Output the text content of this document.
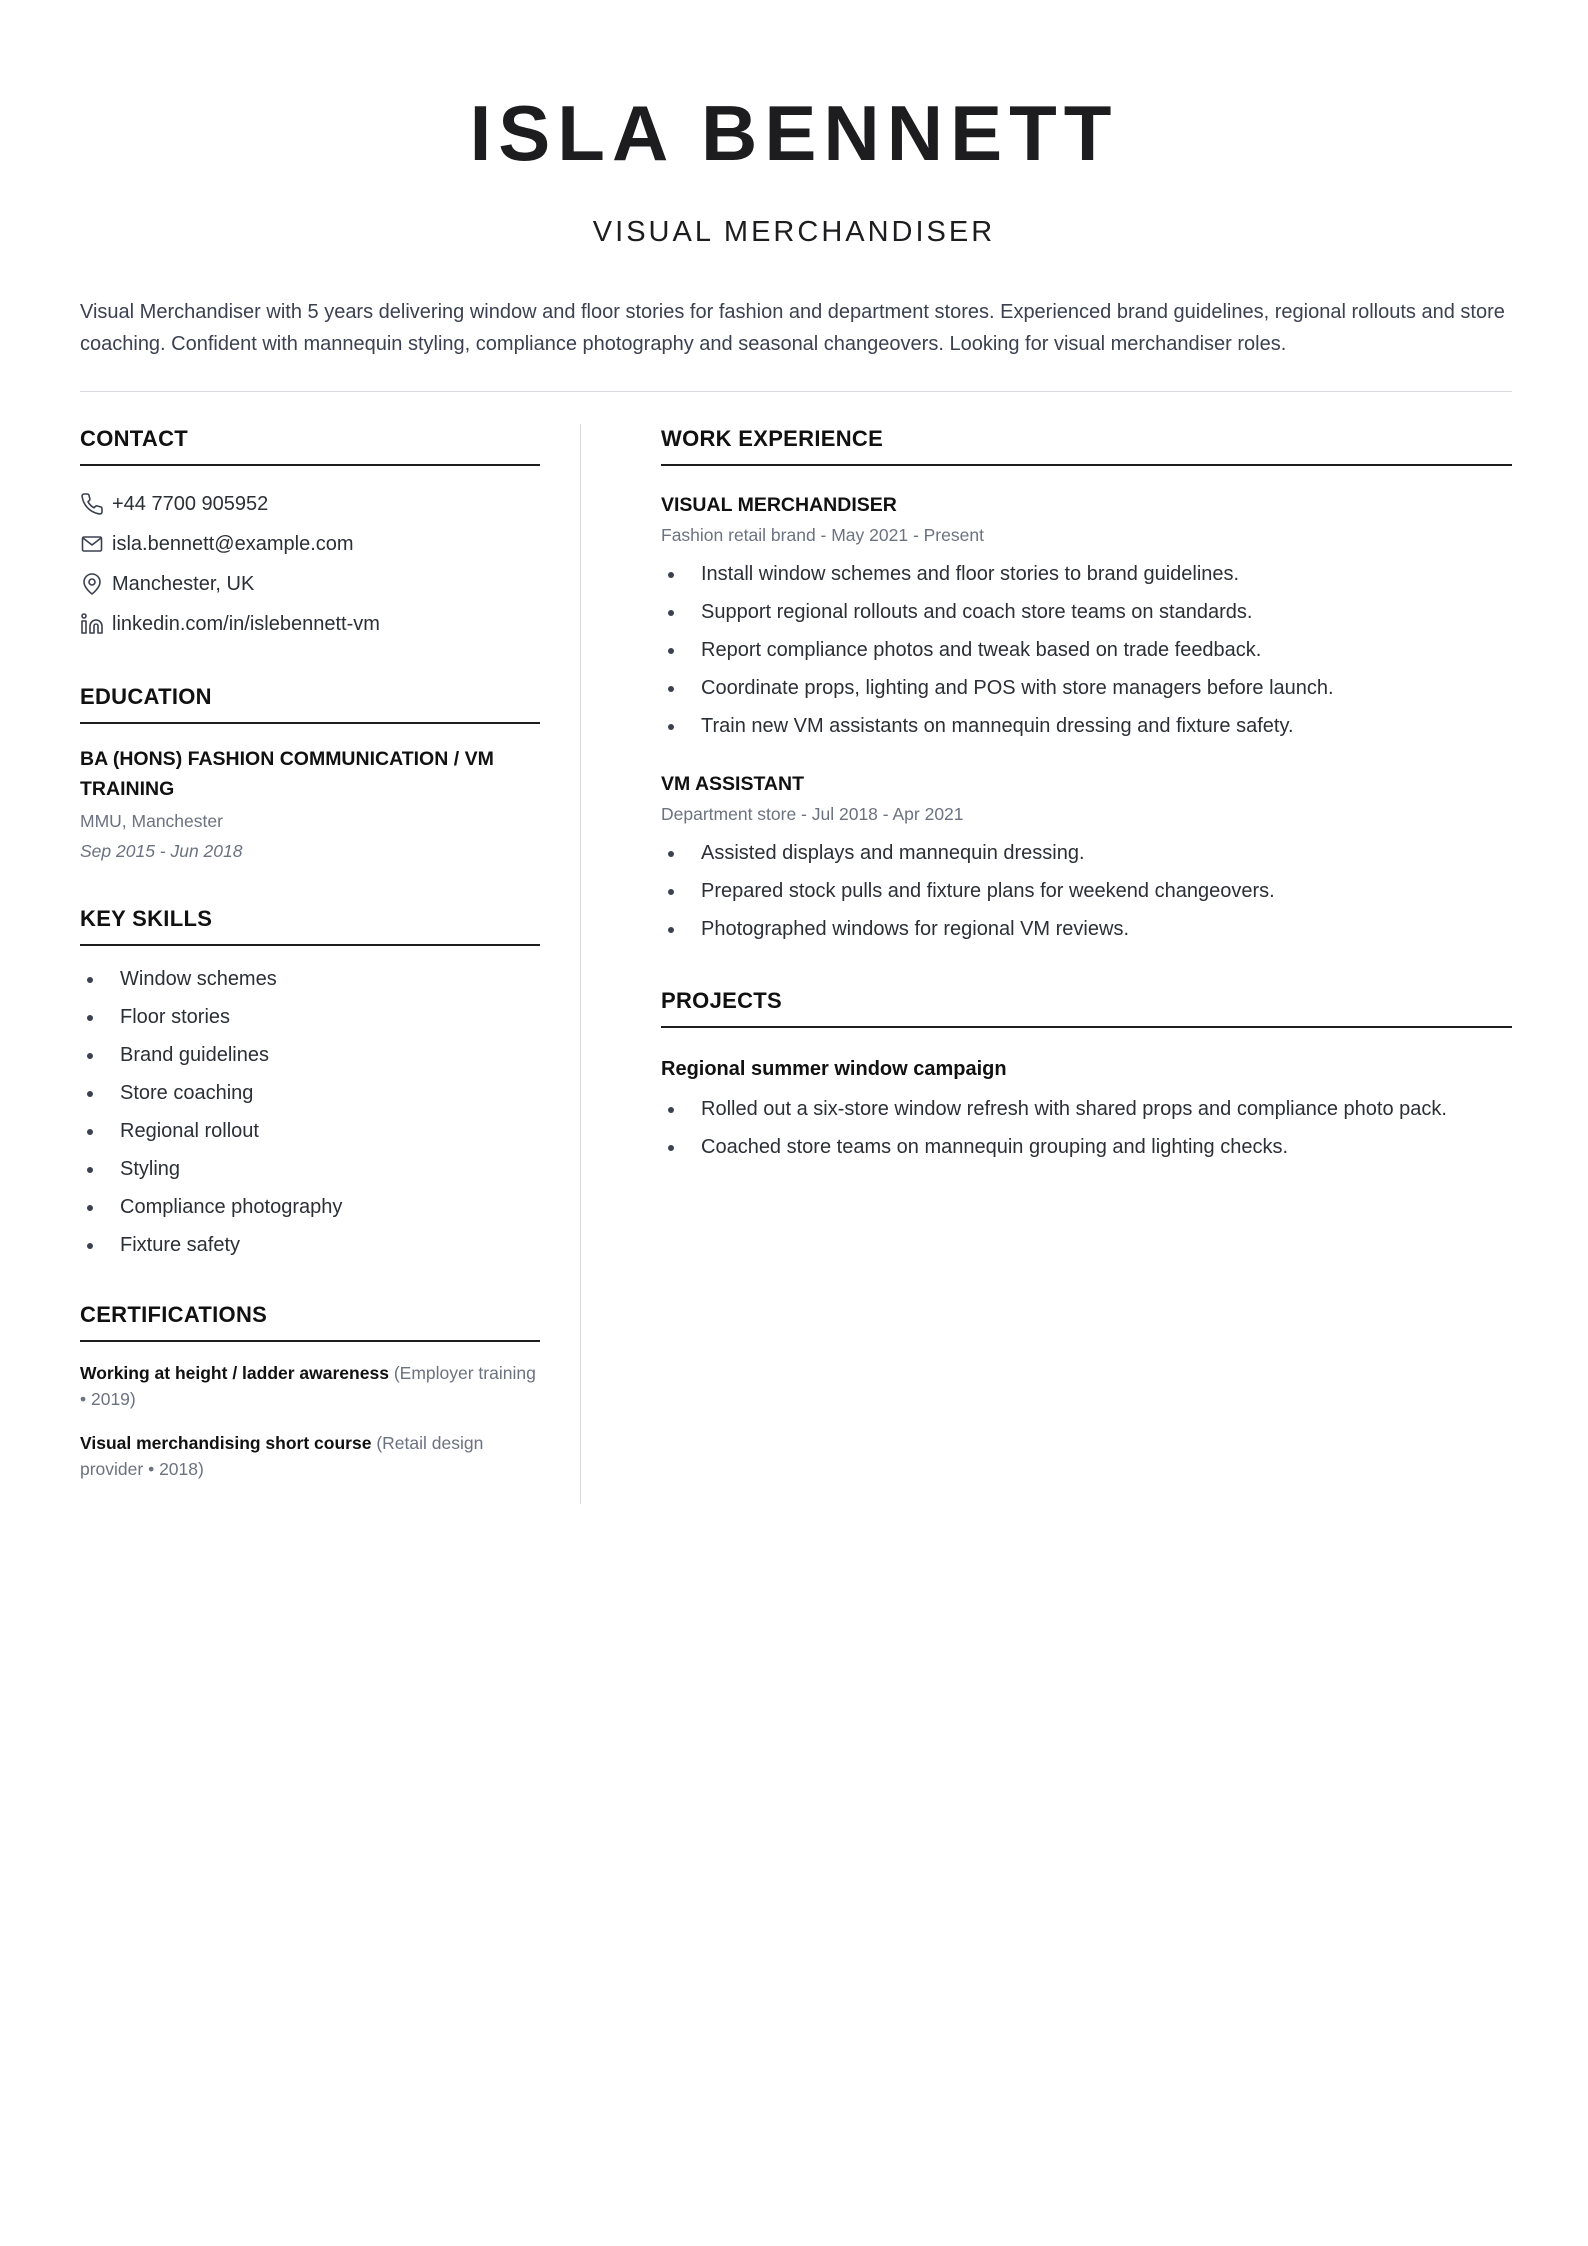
ISLA BENNETT
VISUAL MERCHANDISER
Visual Merchandiser with 5 years delivering window and floor stories for fashion and department stores. Experienced brand guidelines, regional rollouts and store coaching. Confident with mannequin styling, compliance photography and seasonal changeovers. Looking for visual merchandiser roles.
CONTACT
+44 7700 905952
isla.bennett@example.com
Manchester, UK
linkedin.com/in/islebennett-vm
EDUCATION
BA (HONS) FASHION COMMUNICATION / VM TRAINING
MMU, Manchester
Sep 2015 - Jun 2018
KEY SKILLS
Window schemes
Floor stories
Brand guidelines
Store coaching
Regional rollout
Styling
Compliance photography
Fixture safety
CERTIFICATIONS
Working at height / ladder awareness (Employer training • 2019)
Visual merchandising short course (Retail design provider • 2018)
WORK EXPERIENCE
VISUAL MERCHANDISER
Fashion retail brand - May 2021 - Present
Install window schemes and floor stories to brand guidelines.
Support regional rollouts and coach store teams on standards.
Report compliance photos and tweak based on trade feedback.
Coordinate props, lighting and POS with store managers before launch.
Train new VM assistants on mannequin dressing and fixture safety.
VM ASSISTANT
Department store - Jul 2018 - Apr 2021
Assisted displays and mannequin dressing.
Prepared stock pulls and fixture plans for weekend changeovers.
Photographed windows for regional VM reviews.
PROJECTS
Regional summer window campaign
Rolled out a six-store window refresh with shared props and compliance photo pack.
Coached store teams on mannequin grouping and lighting checks.
